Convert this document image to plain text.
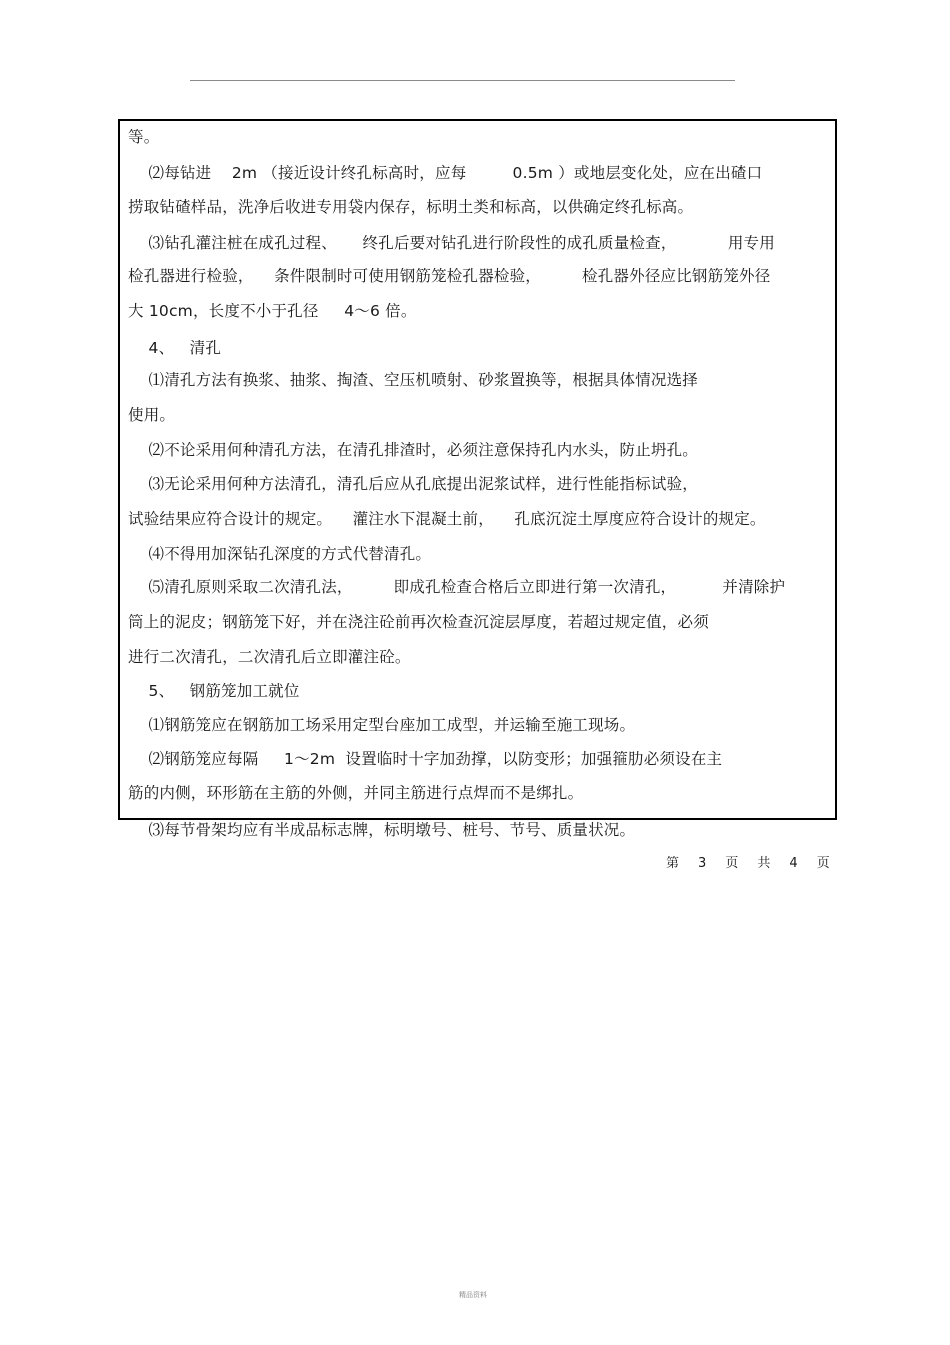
等。
⑵每钻进    2m （接近设计终孔标高时，应每         0.5m ）或地层变化处，应在出碴口
捞取钻碴样品，洗净后收进专用袋内保存，标明土类和标高，以供确定终孔标高。
⑶钻孔灌注桩在成孔过程、     终孔后要对钻孔进行阶段性的成孔质量检查，          用专用
检孔器进行检验，    条件限制时可使用钢筋笼检孔器检验，        检孔器外径应比钢筋笼外径
大 10cm，长度不小于孔径     4～6 倍。
4、   清孔
⑴清孔方法有换浆、抽浆、掏渣、空压机喷射、砂浆置换等，根据具体情况选择
使用。
⑵不论采用何种清孔方法，在清孔排渣时，必须注意保持孔内水头，防止坍孔。
⑶无论采用何种方法清孔，清孔后应从孔底提出泥浆试样，进行性能指标试验，
试验结果应符合设计的规定。    灌注水下混凝土前，    孔底沉淀土厚度应符合设计的规定。
⑷不得用加深钻孔深度的方式代替清孔。
⑸清孔原则采取二次清孔法，        即成孔检查合格后立即进行第一次清孔，         并清除护
筒上的泥皮；钢筋笼下好，并在浇注砼前再次检查沉淀层厚度，若超过规定值，必须
进行二次清孔，二次清孔后立即灌注砼。
5、   钢筋笼加工就位
⑴钢筋笼应在钢筋加工场采用定型台座加工成型，并运输至施工现场。
⑵钢筋笼应每隔     1～2m  设置临时十字加劲撑，以防变形；加强箍肋必须设在主
筋的内侧，环形筋在主筋的外侧，并同主筋进行点焊而不是绑扎。
⑶每节骨架均应有半成品标志牌，标明墩号、桩号、节号、质量状况。
第    3    页    共    4    页
精品资料
